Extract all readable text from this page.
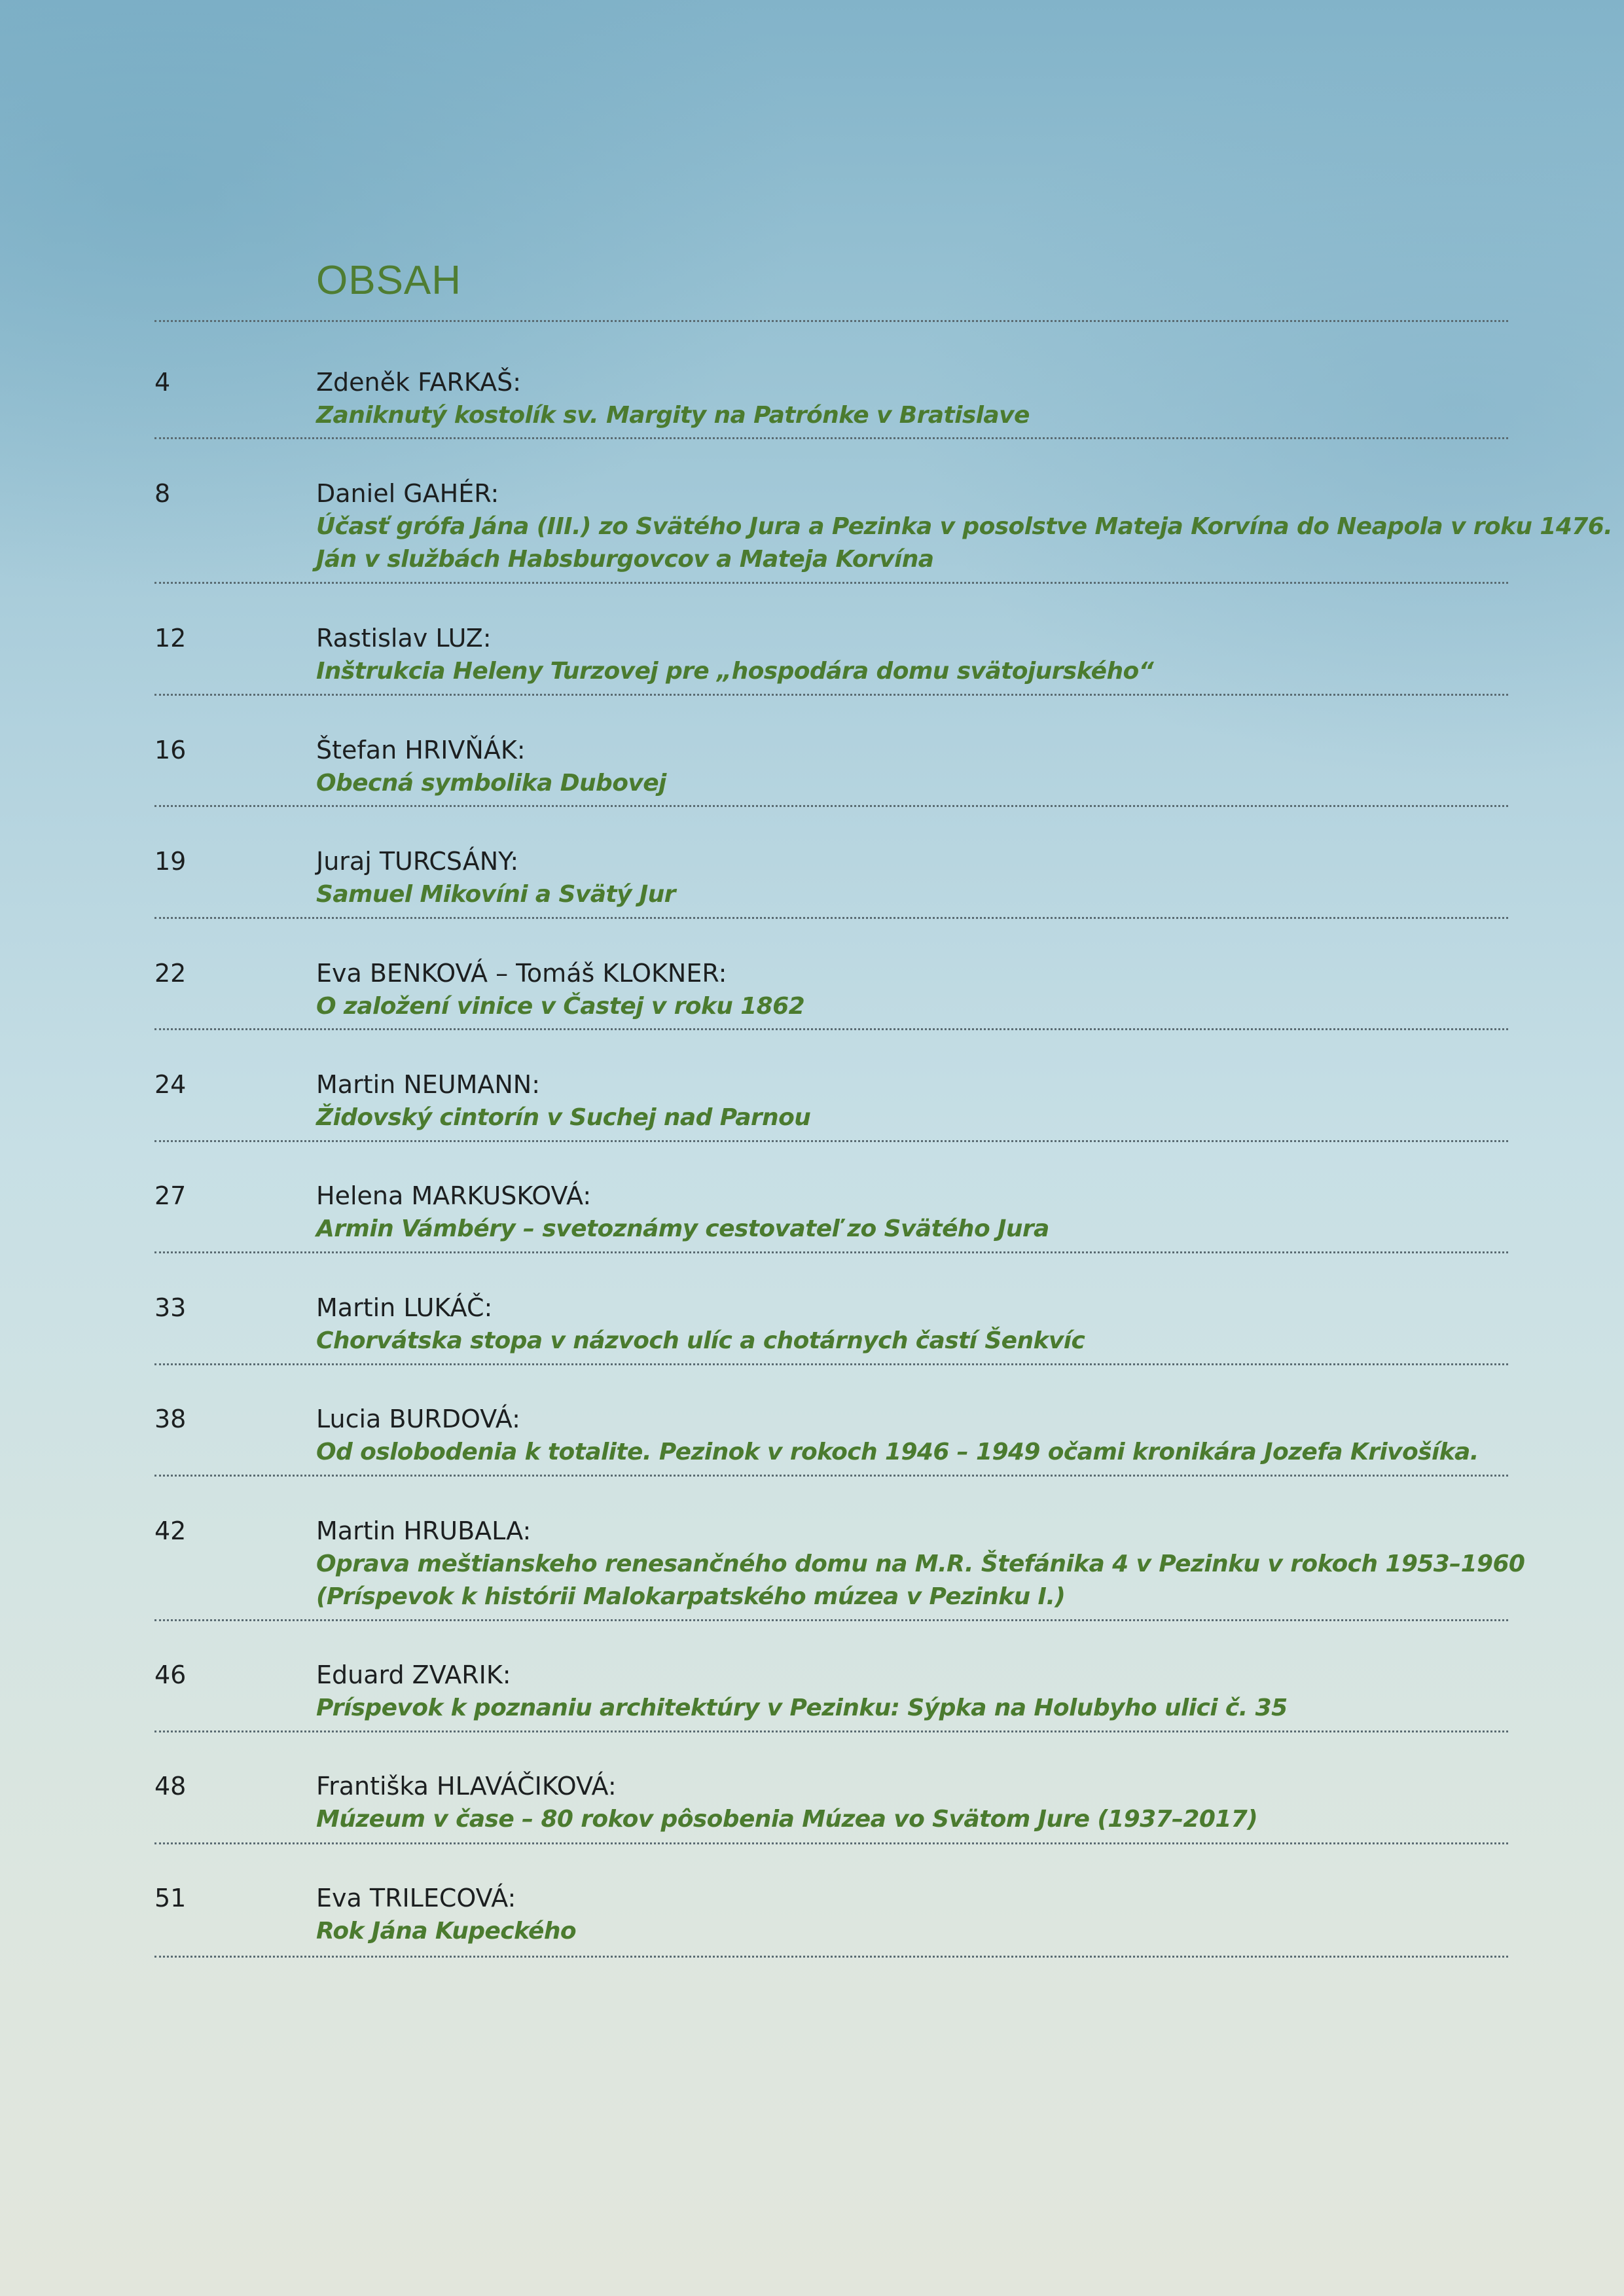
OBSAH
4	Zdeněk FARKAŠ:
Zaniknutý kostolík sv. Margity na Patrónke v Bratislave
8	Daniel GAHÉR:
Účasť grófa Jána (III.) zo Svätého Jura a Pezinka v posolstve Mateja Korvína do Neapola v roku 1476.
Ján v službách Habsburgovcov a Mateja Korvína
12	Rastislav LUZ:
Inštrukcia Heleny Turzovej pre „hospodára domu svätojurského“
16	Štefan HRIVŇÁK:
Obecná symbolika Dubovej
19	Juraj TURCSÁNY:
Samuel Mikovíni a Svätý Jur
22	Eva BENKOVÁ – Tomáš KLOKNER:
O založení vinice v Častej v roku 1862
24	Martin NEUMANN:
Židovský cintorín v Suchej nad Parnou
27	Helena MARKUSKOVÁ:
Armin Vámbéry – svetoznámy cestovateľ zo Svätého Jura
33	Martin LUKÁČ:
Chorvátska stopa v názvoch ulíc a chotárnych častí Šenkvíc
38	Lucia BURDOVÁ:
Od oslobodenia k totalite. Pezinok v rokoch 1946 – 1949 očami kronikára Jozefa Krivošíka.
42	Martin HRUBALA:
Oprava meštianskeho renesančného domu na M.R. Štefánika 4 v Pezinku v rokoch 1953–1960
(Príspevok k histórii Malokarpatského múzea v Pezinku I.)
46	Eduard ZVARIK:
Príspevok k poznaniu architektúry v Pezinku: Sýpka na Holubyho ulici č. 35
48	Františka HLAVÁČIKOVÁ:
Múzeum v čase – 80 rokov pôsobenia Múzea vo Svätom Jure (1937–2017)
51	Eva TRILECOVÁ:
Rok Jána Kupeckého
